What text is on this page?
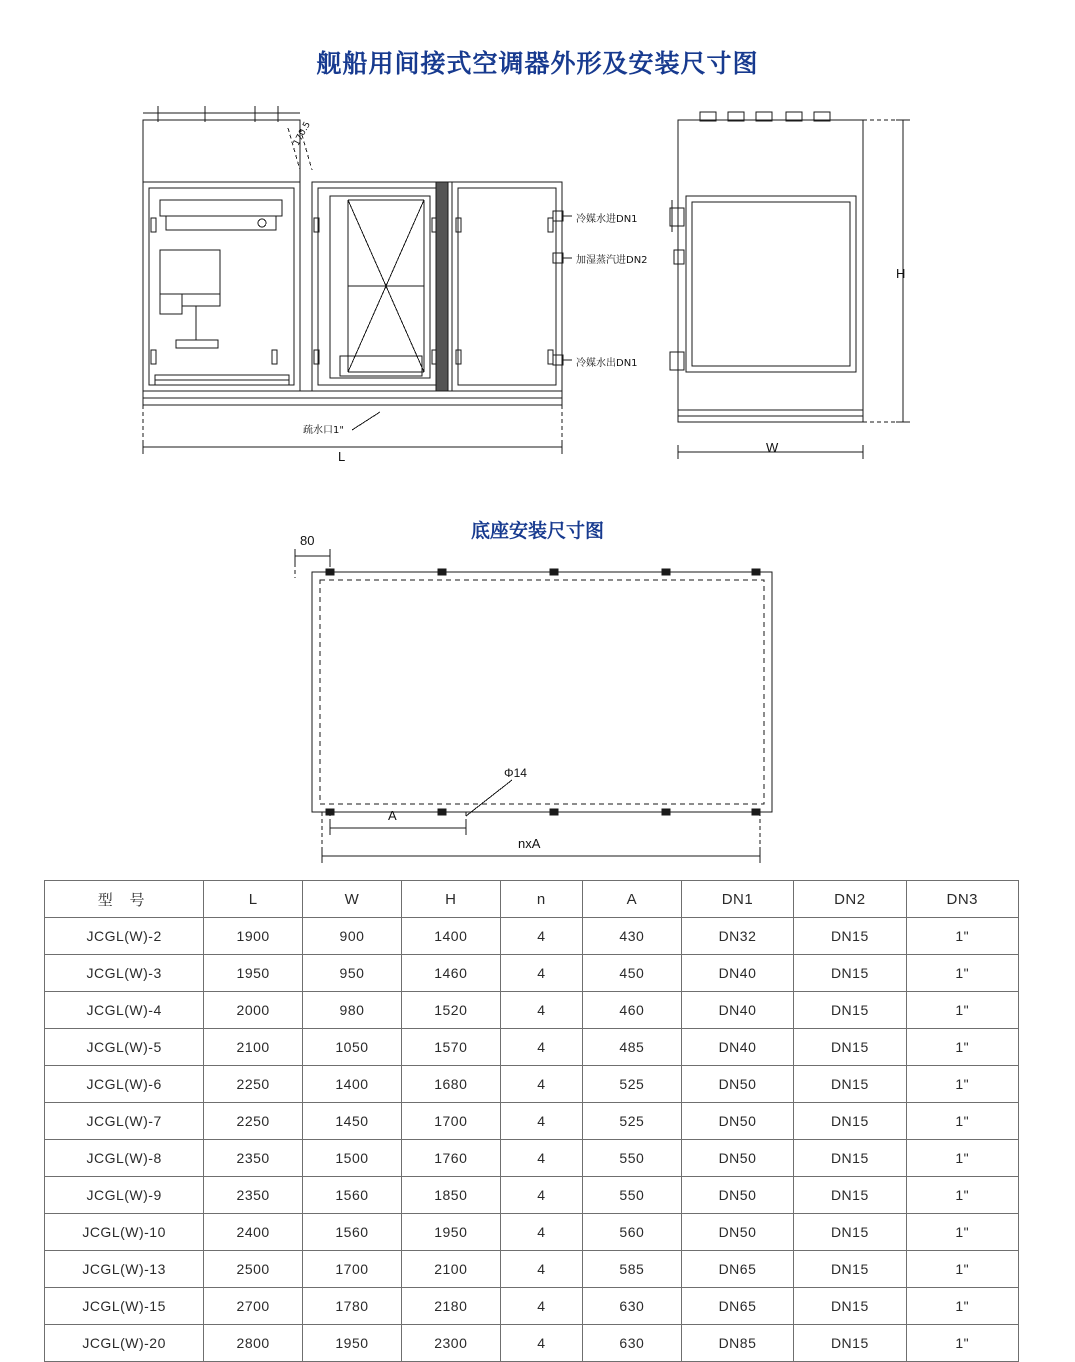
舰船用间接式空调器外形及安装尺寸图
底座安装尺寸图
冷媒水进DN1
加湿蒸汽进DN2
冷媒水出DN1
疏水口1"
170.5
L
H
W
80
Φ14
A
nxA
型 号	L	W	H	n	A	DN1	DN2	DN3
JCGL(W)-2	1900	900	1400	4	430	DN32	DN15	1"
JCGL(W)-3	1950	950	1460	4	450	DN40	DN15	1"
JCGL(W)-4	2000	980	1520	4	460	DN40	DN15	1"
JCGL(W)-5	2100	1050	1570	4	485	DN40	DN15	1"
JCGL(W)-6	2250	1400	1680	4	525	DN50	DN15	1"
JCGL(W)-7	2250	1450	1700	4	525	DN50	DN15	1"
JCGL(W)-8	2350	1500	1760	4	550	DN50	DN15	1"
JCGL(W)-9	2350	1560	1850	4	550	DN50	DN15	1"
JCGL(W)-10	2400	1560	1950	4	560	DN50	DN15	1"
JCGL(W)-13	2500	1700	2100	4	585	DN65	DN15	1"
JCGL(W)-15	2700	1780	2180	4	630	DN65	DN15	1"
JCGL(W)-20	2800	1950	2300	4	630	DN85	DN15	1"
